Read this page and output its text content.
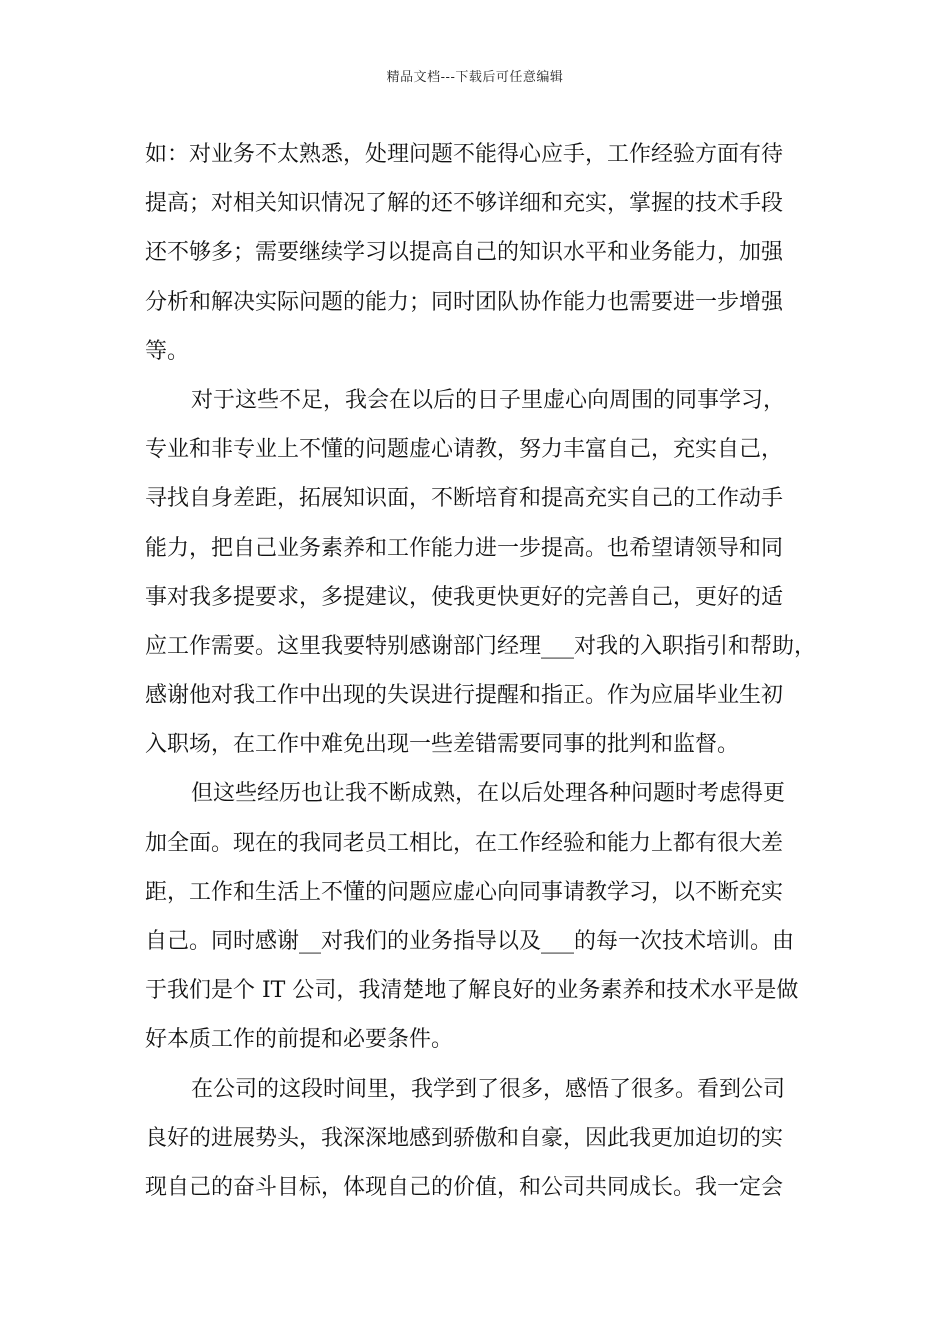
精品文档---下载后可任意编辑
如：对业务不太熟悉，处理问题不能得心应手，工作经验方面有待
提高；对相关知识情况了解的还不够详细和充实，掌握的技术手段
还不够多；需要继续学习以提高自己的知识水平和业务能力，加强
分析和解决实际问题的能力；同时团队协作能力也需要进一步增强
等。
对于这些不足，我会在以后的日子里虚心向周围的同事学习，
专业和非专业上不懂的问题虚心请教，努力丰富自己，充实自己，
寻找自身差距，拓展知识面，不断培育和提高充实自己的工作动手
能力，把自己业务素养和工作能力进一步提高。也希望请领导和同
事对我多提要求，多提建议，使我更快更好的完善自己，更好的适
应工作需要。这里我要特别感谢部门经理___对我的入职指引和帮助，
感谢他对我工作中出现的失误进行提醒和指正。作为应届毕业生初
入职场，在工作中难免出现一些差错需要同事的批判和监督。
但这些经历也让我不断成熟，在以后处理各种问题时考虑得更
加全面。现在的我同老员工相比，在工作经验和能力上都有很大差
距，工作和生活上不懂的问题应虚心向同事请教学习，以不断充实
自己。同时感谢__对我们的业务指导以及___的每一次技术培训。由
于我们是个 IT 公司，我清楚地了解良好的业务素养和技术水平是做
好本质工作的前提和必要条件。
在公司的这段时间里，我学到了很多，感悟了很多。看到公司
良好的进展势头，我深深地感到骄傲和自豪，因此我更加迫切的实
现自己的奋斗目标，体现自己的价值，和公司共同成长。我一定会
